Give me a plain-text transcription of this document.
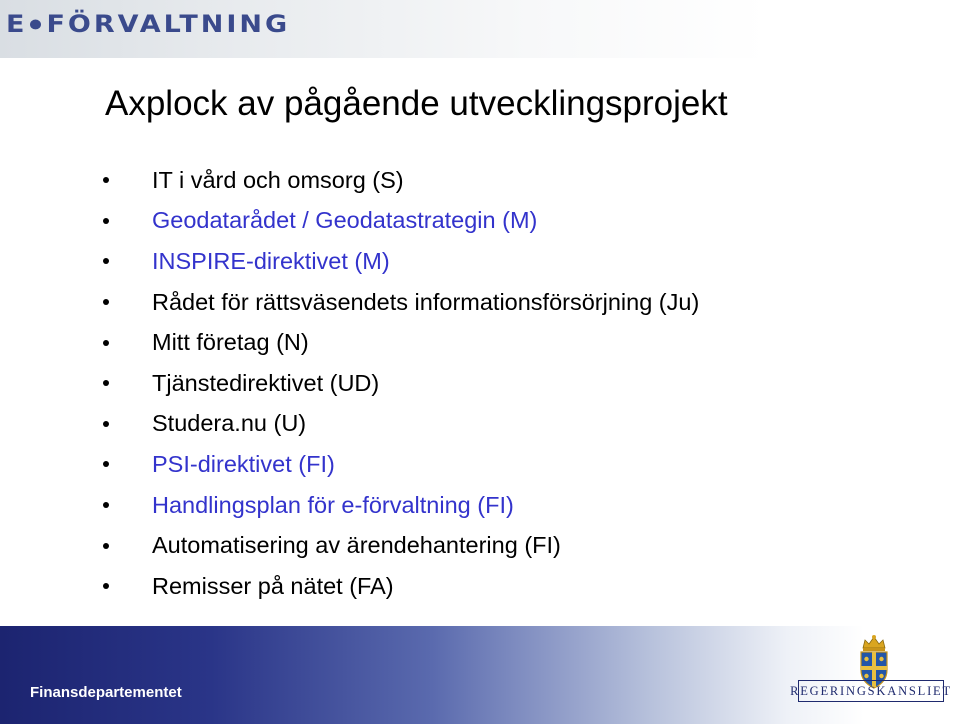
E FÖRVALTNING
Axplock av pågående utvecklingsprojekt
IT i vård och omsorg (S)
Geodatarådet / Geodatastrategin (M)
INSPIRE-direktivet (M)
Rådet för rättsväsendets informationsförsörjning (Ju)
Mitt företag (N)
Tjänstedirektivet (UD)
Studera.nu (U)
PSI-direktivet (FI)
Handlingsplan för e-förvaltning (FI)
Automatisering av ärendehantering (FI)
Remisser på nätet (FA)
Finansdepartementet	REGERINGSKANSLIET
